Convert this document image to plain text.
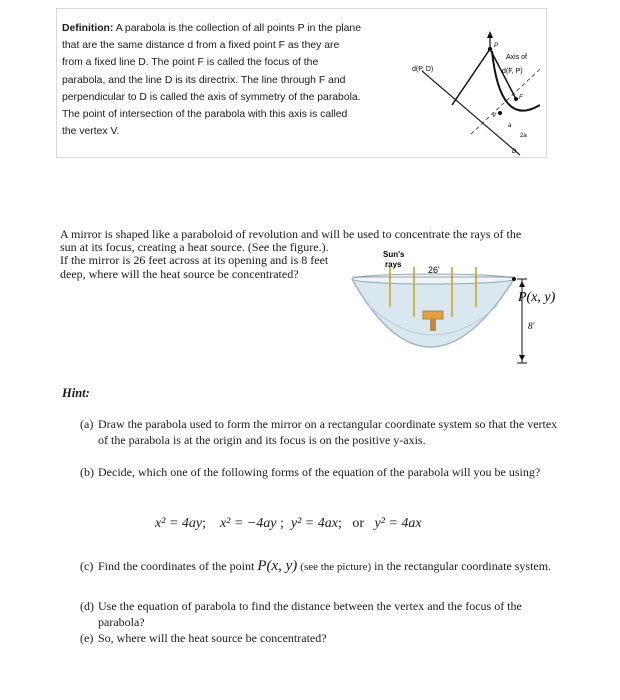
Definition: A parabola is the collection of all points P in the plane that are the same distance d from a fixed point F as they are from a fixed line D. The point F is called the focus of the parabola, and the line D is its directrix. The line through F and perpendicular to D is called the axis of symmetry of the parabola. The point of intersection of the parabola with this axis is called the vertex V.
d(P, D)
Axis of
d(F, P)
P
F
V
D
a
2a
A mirror is shaped like a paraboloid of revolution and will be used to concentrate the rays of the
sun at its focus, creating a heat source. (See the figure.). If the mirror is 26 feet across at its opening and is 8 feet deep, where will the heat source be concentrated?
Sun's
rays
26'
8'
P(x, y)
Hint:
(a) Draw the parabola used to form the mirror on a rectangular coordinate system so that the vertex of the parabola is at the origin and its focus is on the positive y-axis.
(b) Decide, which one of the following forms of the equation of the parabola will you be using?
x² = 4ay; x² = −4ay ; y² = 4ax; or y² = 4ax
(c) Find the coordinates of the point P(x, y) (see the picture) in the rectangular coordinate system.
(d) Use the equation of parabola to find the distance between the vertex and the focus of the parabola?
(e) So, where will the heat source be concentrated?
